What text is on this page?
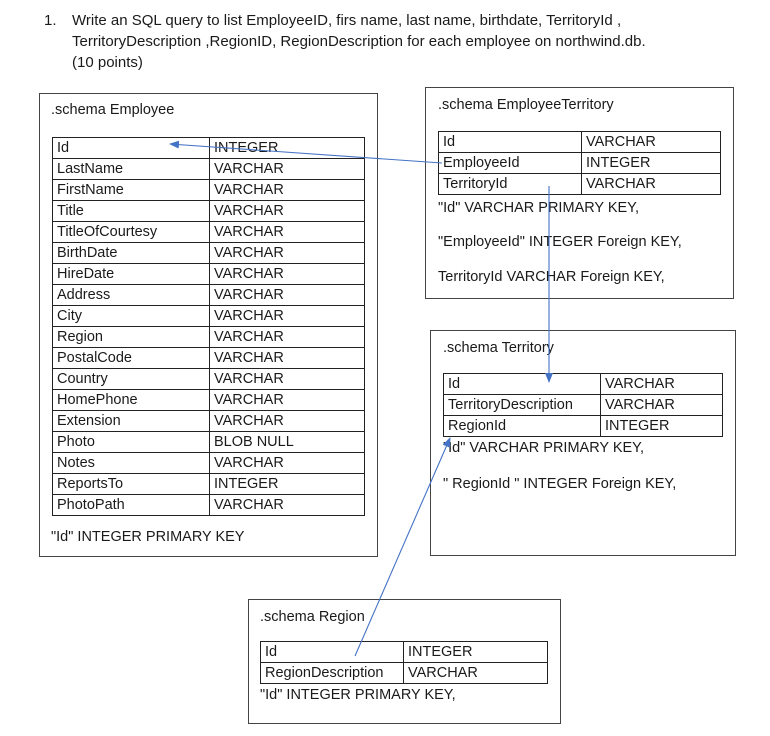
1. Write an SQL query to list EmployeeID, firs name, last name, birthdate, TerritoryId ,
TerritoryDescription ,RegionID, RegionDescription for each employee on northwind.db.
(10 points)
.schema Employee
Id	INTEGER
LastName	VARCHAR
FirstName	VARCHAR
Title	VARCHAR
TitleOfCourtesy	VARCHAR
BirthDate	VARCHAR
HireDate	VARCHAR
Address	VARCHAR
City	VARCHAR
Region	VARCHAR
PostalCode	VARCHAR
Country	VARCHAR
HomePhone	VARCHAR
Extension	VARCHAR
Photo	BLOB NULL
Notes	VARCHAR
ReportsTo	INTEGER
PhotoPath	VARCHAR
"Id" INTEGER PRIMARY KEY
.schema EmployeeTerritory
Id	VARCHAR
EmployeeId	INTEGER
TerritoryId	VARCHAR
"Id" VARCHAR PRIMARY KEY,
"EmployeeId" INTEGER Foreign KEY,
TerritoryId VARCHAR Foreign KEY,
.schema Territory
Id	VARCHAR
TerritoryDescription	VARCHAR
RegionId	INTEGER
"Id" VARCHAR PRIMARY KEY,
" RegionId " INTEGER Foreign KEY,
.schema Region
Id	INTEGER
RegionDescription	VARCHAR
"Id" INTEGER PRIMARY KEY,
